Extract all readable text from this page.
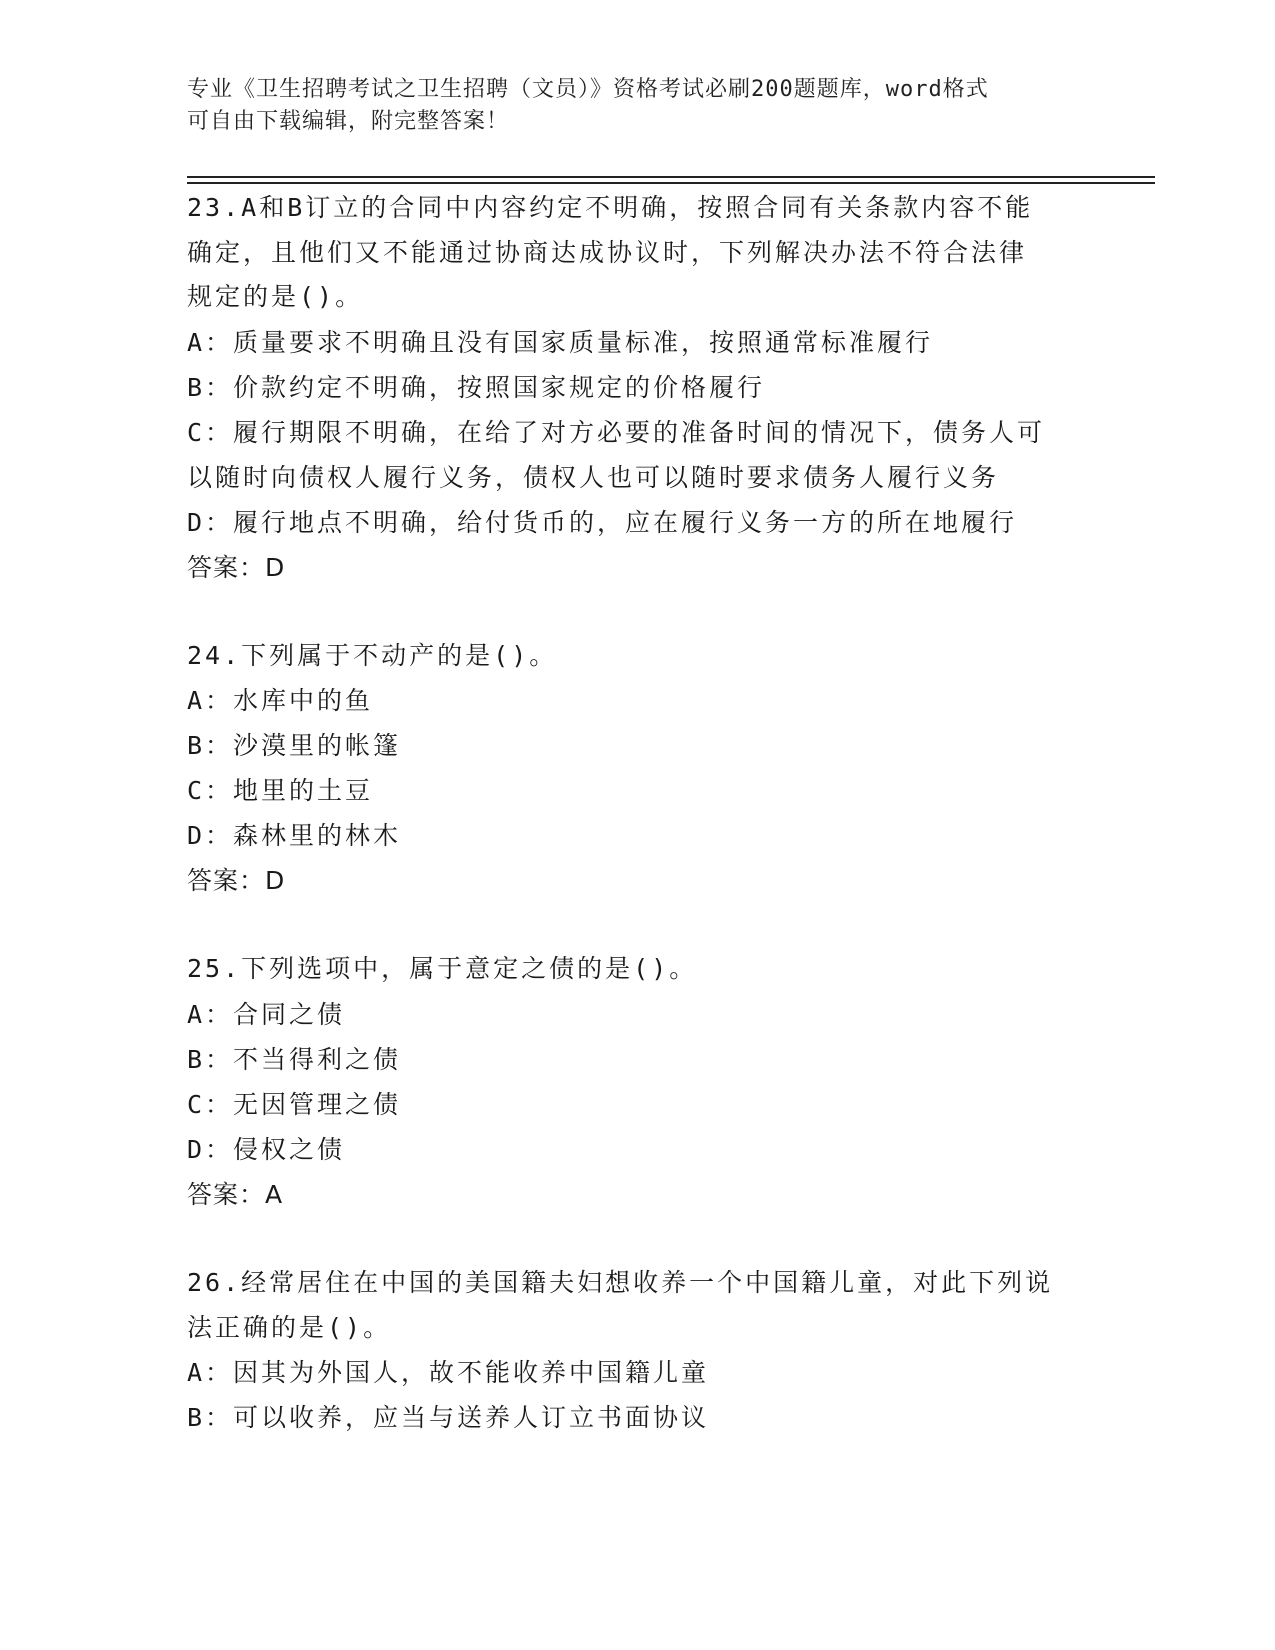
专业《卫生招聘考试之卫生招聘（文员）》资格考试必刷200题题库，word格式
可自由下载编辑，附完整答案！
23.A和B订立的合同中内容约定不明确，按照合同有关条款内容不能
确定，且他们又不能通过协商达成协议时，下列解决办法不符合法律
规定的是()。
A：质量要求不明确且没有国家质量标准，按照通常标准履行
B：价款约定不明确，按照国家规定的价格履行
C：履行期限不明确，在给了对方必要的准备时间的情况下，债务人可
以随时向债权人履行义务，债权人也可以随时要求债务人履行义务
D：履行地点不明确，给付货币的，应在履行义务一方的所在地履行
答案：D
24.下列属于不动产的是()。
A：水库中的鱼
B：沙漠里的帐篷
C：地里的土豆
D：森林里的林木
答案：D
25.下列选项中，属于意定之债的是()。
A：合同之债
B：不当得利之债
C：无因管理之债
D：侵权之债
答案：A
26.经常居住在中国的美国籍夫妇想收养一个中国籍儿童，对此下列说
法正确的是()。
A：因其为外国人，故不能收养中国籍儿童
B：可以收养，应当与送养人订立书面协议
